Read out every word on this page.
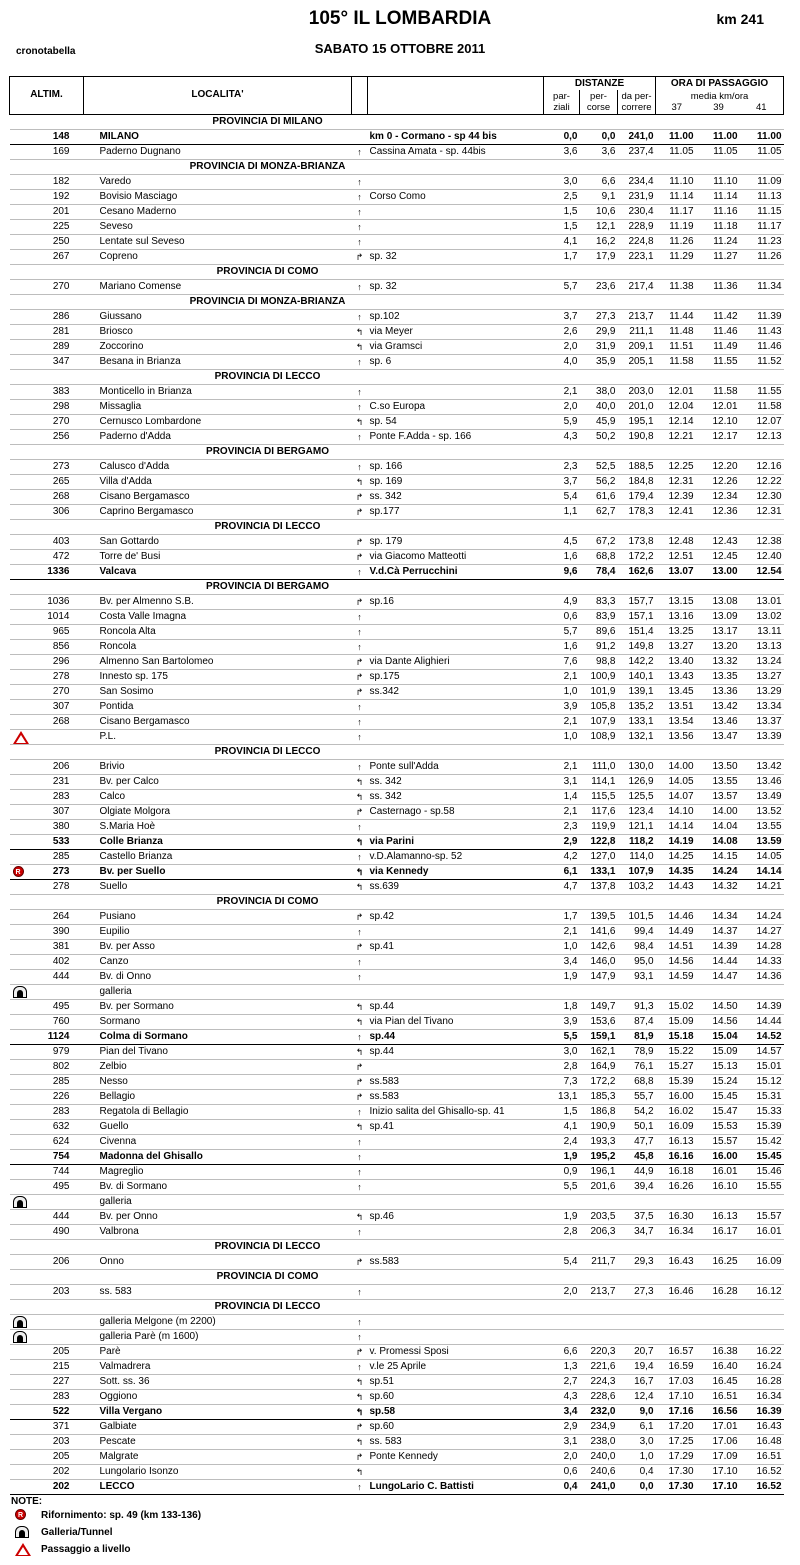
105° IL LOMBARDIA	km 241
cronotabella	SABATO 15 OTTOBRE 2011
ALTIM.	LOCALITA'			DISTANZE			ORA DI PASSAGGIO		
				par- ziali	per- corse	da per- correre	media km/ora		
							37	39	41
PROVINCIA DI MILANO									
148	MILANO		km 0 - Cormano - sp 44 bis	0,0	0,0	241,0	11.00	11.00	11.00
169	Paderno Dugnano	↑	Cassina Amata - sp. 44bis	3,6	3,6	237,4	11.05	11.05	11.05
PROVINCIA DI MONZA-BRIANZA									
182	Varedo	↑		3,0	6,6	234,4	11.10	11.10	11.09
192	Bovisio Masciago	↑	Corso Como	2,5	9,1	231,9	11.14	11.14	11.13
201	Cesano Maderno	↑		1,5	10,6	230,4	11.17	11.16	11.15
225	Seveso	↑		1,5	12,1	228,9	11.19	11.18	11.17
250	Lentate sul Seveso	↑		4,1	16,2	224,8	11.26	11.24	11.23
267	Copreno	↱	sp. 32	1,7	17,9	223,1	11.29	11.27	11.26
PROVINCIA DI COMO									
270	Mariano Comense	↑	sp. 32	5,7	23,6	217,4	11.38	11.36	11.34
PROVINCIA DI MONZA-BRIANZA									
286	Giussano	↑	sp.102	3,7	27,3	213,7	11.44	11.42	11.39
281	Briosco	↰	via Meyer	2,6	29,9	211,1	11.48	11.46	11.43
289	Zoccorino	↰	via Gramsci	2,0	31,9	209,1	11.51	11.49	11.46
347	Besana in Brianza	↑	sp. 6	4,0	35,9	205,1	11.58	11.55	11.52
PROVINCIA DI LECCO									
383	Monticello in Brianza	↑		2,1	38,0	203,0	12.01	11.58	11.55
298	Missaglia	↑	C.so Europa	2,0	40,0	201,0	12.04	12.01	11.58
270	Cernusco Lombardone	↰	sp. 54	5,9	45,9	195,1	12.14	12.10	12.07
256	Paderno d'Adda	↑	Ponte F.Adda - sp. 166	4,3	50,2	190,8	12.21	12.17	12.13
PROVINCIA DI BERGAMO									
273	Calusco d'Adda	↑	sp. 166	2,3	52,5	188,5	12.25	12.20	12.16
265	Villa d'Adda	↰	sp. 169	3,7	56,2	184,8	12.31	12.26	12.22
268	Cisano Bergamasco	↱	ss. 342	5,4	61,6	179,4	12.39	12.34	12.30
306	Caprino Bergamasco	↱	sp.177	1,1	62,7	178,3	12.41	12.36	12.31
PROVINCIA DI LECCO									
403	San Gottardo	↱	sp. 179	4,5	67,2	173,8	12.48	12.43	12.38
472	Torre de' Busi	↱	via Giacomo Matteotti	1,6	68,8	172,2	12.51	12.45	12.40
1336	Valcava	↑	V.d.Cà Perrucchini	9,6	78,4	162,6	13.07	13.00	12.54
PROVINCIA DI BERGAMO									
1036	Bv. per Almenno S.B.	↱	sp.16	4,9	83,3	157,7	13.15	13.08	13.01
1014	Costa Valle Imagna	↑		0,6	83,9	157,1	13.16	13.09	13.02
965	Roncola Alta	↑		5,7	89,6	151,4	13.25	13.17	13.11
856	Roncola	↑		1,6	91,2	149,8	13.27	13.20	13.13
296	Almenno San Bartolomeo	↱	via Dante Alighieri	7,6	98,8	142,2	13.40	13.32	13.24
278	Innesto sp. 175	↱	sp.175	2,1	100,9	140,1	13.43	13.35	13.27
270	San Sosimo	↱	ss.342	1,0	101,9	139,1	13.45	13.36	13.29
307	Pontida	↑		3,9	105,8	135,2	13.51	13.42	13.34
268	Cisano Bergamasco	↑		2,1	107,9	133,1	13.54	13.46	13.37

	P.L.	↑		1,0	108,9	132,1	13.56	13.47	13.39
PROVINCIA DI LECCO									
206	Brivio	↑	Ponte sull'Adda	2,1	111,0	130,0	14.00	13.50	13.42
231	Bv. per Calco	↰	ss. 342	3,1	114,1	126,9	14.05	13.55	13.46
283	Calco	↰	ss. 342	1,4	115,5	125,5	14.07	13.57	13.49
307	Olgiate Molgora	↱	Casternago - sp.58	2,1	117,6	123,4	14.10	14.00	13.52
380	S.Maria Hoè	↑		2,3	119,9	121,1	14.14	14.04	13.55
533	Colle Brianza	↰	via Parini	2,9	122,8	118,2	14.19	14.08	13.59
285	Castello Brianza	↑	v.D.Alamanno-sp. 52	4,2	127,0	114,0	14.25	14.15	14.05

R 273	Bv. per Suello	↰	via Kennedy	6,1	133,1	107,9	14.35	14.24	14.14
278	Suello	↰	ss.639	4,7	137,8	103,2	14.43	14.32	14.21
PROVINCIA DI COMO									
264	Pusiano	↱	sp.42	1,7	139,5	101,5	14.46	14.34	14.24
390	Eupilio	↑		2,1	141,6	99,4	14.49	14.37	14.27
381	Bv. per Asso	↱	sp.41	1,0	142,6	98,4	14.51	14.39	14.28
402	Canzo	↑		3,4	146,0	95,0	14.56	14.44	14.33
444	Bv. di Onno	↑		1,9	147,9	93,1	14.59	14.47	14.36

	galleria								
495	Bv. per Sormano	↰	sp.44	1,8	149,7	91,3	15.02	14.50	14.39
760	Sormano	↰	via Pian del Tivano	3,9	153,6	87,4	15.09	14.56	14.44
1124	Colma di Sormano	↑	sp.44	5,5	159,1	81,9	15.18	15.04	14.52
979	Pian del Tivano	↰	sp.44	3,0	162,1	78,9	15.22	15.09	14.57
802	Zelbio	↱		2,8	164,9	76,1	15.27	15.13	15.01
285	Nesso	↱	ss.583	7,3	172,2	68,8	15.39	15.24	15.12
226	Bellagio	↱	ss.583	13,1	185,3	55,7	16.00	15.45	15.31
283	Regatola di Bellagio	↑	Inizio salita del Ghisallo-sp. 41	1,5	186,8	54,2	16.02	15.47	15.33
632	Guello	↰	sp.41	4,1	190,9	50,1	16.09	15.53	15.39
624	Civenna	↑		2,4	193,3	47,7	16.13	15.57	15.42
754	Madonna del Ghisallo	↑		1,9	195,2	45,8	16.16	16.00	15.45
744	Magreglio	↑		0,9	196,1	44,9	16.18	16.01	15.46
495	Bv. di Sormano	↑		5,5	201,6	39,4	16.26	16.10	15.55

	galleria								
444	Bv. per Onno	↰	sp.46	1,9	203,5	37,5	16.30	16.13	15.57
490	Valbrona	↑		2,8	206,3	34,7	16.34	16.17	16.01
PROVINCIA DI LECCO									
206	Onno	↱	ss.583	5,4	211,7	29,3	16.43	16.25	16.09
PROVINCIA DI COMO									
203	ss. 583	↑		2,0	213,7	27,3	16.46	16.28	16.12
PROVINCIA DI LECCO									

	galleria Melgone (m 2200)	↑							

	galleria Parè (m 1600)	↑							
205	Parè	↱	v. Promessi Sposi	6,6	220,3	20,7	16.57	16.38	16.22
215	Valmadrera	↑	v.le 25 Aprile	1,3	221,6	19,4	16.59	16.40	16.24
227	Sott. ss. 36	↰	sp.51	2,7	224,3	16,7	17.03	16.45	16.28
283	Oggiono	↰	sp.60	4,3	228,6	12,4	17.10	16.51	16.34
522	Villa Vergano	↰	sp.58	3,4	232,0	9,0	17.16	16.56	16.39
371	Galbiate	↱	sp.60	2,9	234,9	6,1	17.20	17.01	16.43
203	Pescate	↰	ss. 583	3,1	238,0	3,0	17.25	17.06	16.48
205	Malgrate	↱	Ponte Kennedy	2,0	240,0	1,0	17.29	17.09	16.51
202	Lungolario Isonzo	↰		0,6	240,6	0,4	17.30	17.10	16.52
202	LECCO	↑	LungoLario C. Battisti	0,4	241,0	0,0	17.30	17.10	16.52
NOTE:
R Rifornimento: sp. 49 (km 133-136)
Galleria/Tunnel
Passaggio a livello
